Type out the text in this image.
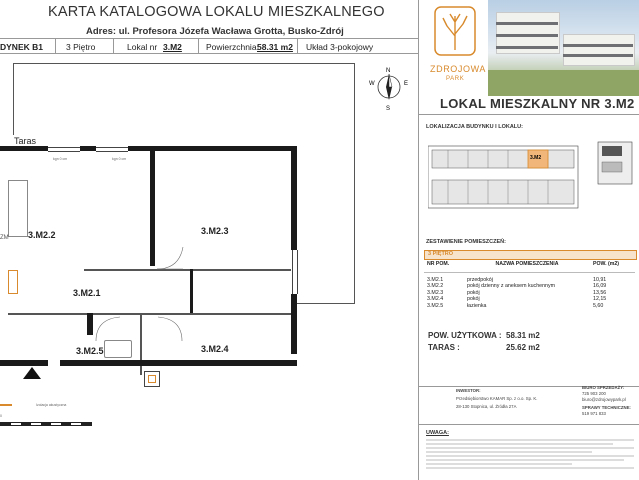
KARTA KATALOGOWA LOKALU MIESZKALNEGO
Adres: ul. Profesora Józefa Wacława Grotta, Busko-Zdrój
DYNEK B1	3 Piętro	Lokal nr 3.M2	Powierzchnia:
58.31 m2 Układ 3-pokojowy
N
S
E
W
Taras
kgn 0 cm	kgn 0 cm
ZM 3.M2.2	3.M2.3
3.M2.1
3.M2.5	3.M2.4
Izolacja akustyczna
0
ZDROJOWA
PARK
LOKAL MIESZKALNY NR 3.M2
LOKALIZACJA BUDYNKU I LOKALU:
3.M2
ZESTAWIENIE POMIESZCZEŃ:
3 PIĘTRO
NR POM.	NAZWA POMIESZCZENIA	POW. (m2)

3.M2.1	przedpokój	10,91
3.M2.2	pokój dzienny z aneksem kuchennym	16,09
3.M2.3	pokój	13,56
3.M2.4	pokój	12,15
3.M2.5	łazienka	5,60
POW. UŻYTKOWA : 58.31 m2
TARAS :	25.62 m2
INWESTOR:
Przedsiębiorstwo KAMAR Sp. z o.o. Sp. K.
28-130 Stopnica, ul. Źródła 27A
BIURO SPRZEDAŻY:
725 903 200
biuro@zdrojowypark.pl
SPRAWY TECHNICZNE:
519 971 833
UWAGA:
